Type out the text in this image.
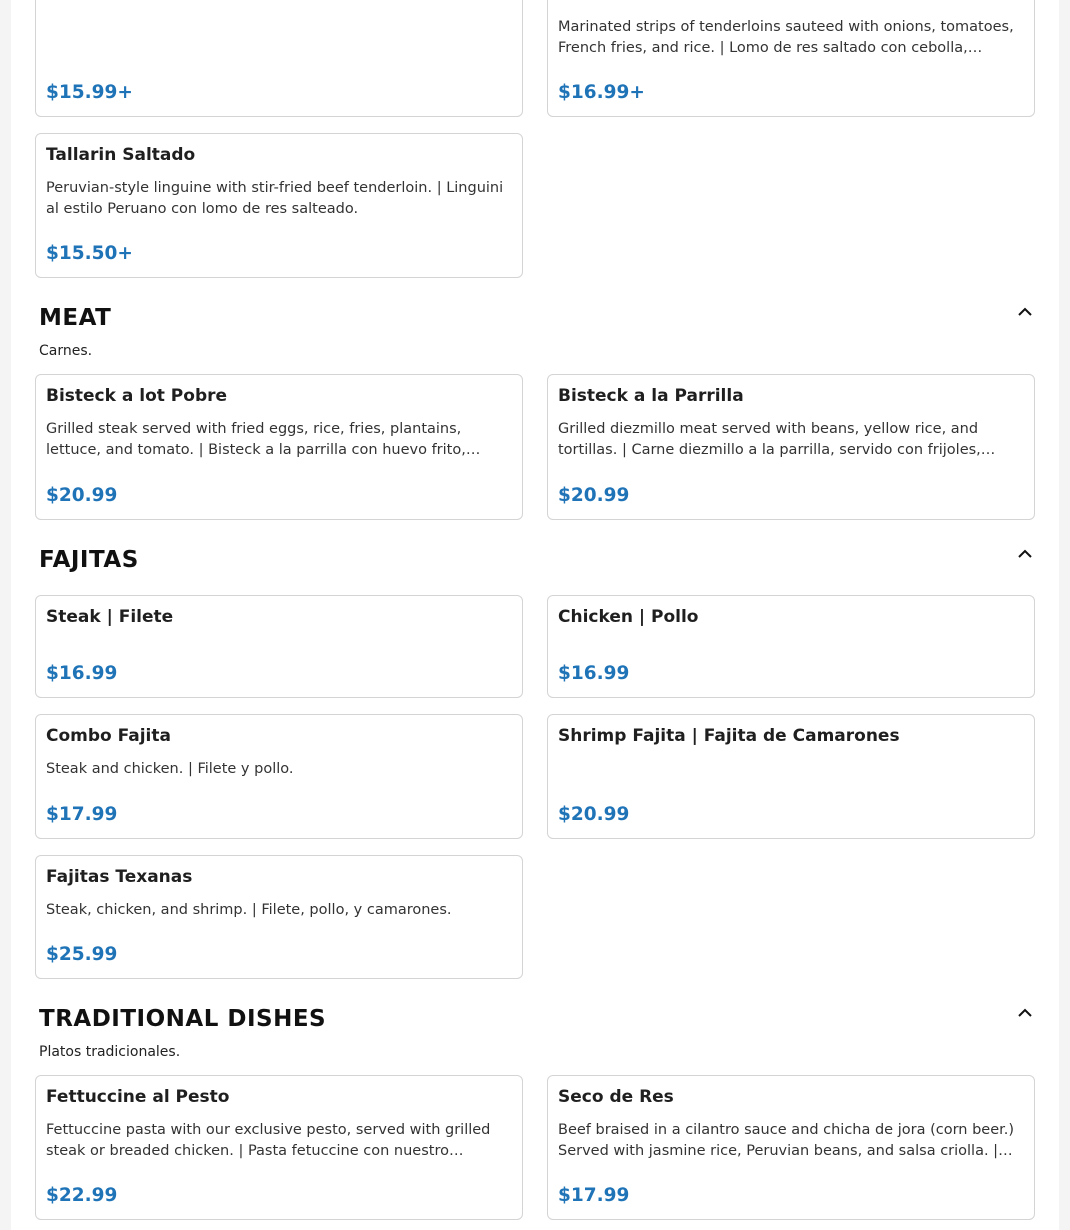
$15.99+
Marinated strips of tenderloins sauteed with onions, tomatoes, French fries, and rice. | Lomo de res saltado con cebolla,
$16.99+
Tallarin Saltado
Peruvian-style linguine with stir-fried beef tenderloin. | Linguini al estilo Peruano con lomo de res salteado.
$15.50+
MEAT
Carnes.
Bisteck a lot Pobre
Grilled steak served with fried eggs, rice, fries, plantains, lettuce, and tomato. | Bisteck a la parrilla con huevo frito,
$20.99
Bisteck a la Parrilla
Grilled diezmillo meat served with beans, yellow rice, and tortillas. | Carne diezmillo a la parrilla, servido con frijoles,
$20.99
FAJITAS
Steak | Filete
$16.99
Chicken | Pollo
$16.99
Combo Fajita
Steak and chicken. | Filete y pollo.
$17.99
Shrimp Fajita | Fajita de Camarones
$20.99
Fajitas Texanas
Steak, chicken, and shrimp. | Filete, pollo, y camarones.
$25.99
TRADITIONAL DISHES
Platos tradicionales.
Fettuccine al Pesto
Fettuccine pasta with our exclusive pesto, served with grilled steak or breaded chicken. | Pasta fetuccine con nuestro
$22.99
Seco de Res
Beef braised in a cilantro sauce and chicha de jora (corn beer.) Served with jasmine rice, Peruvian beans, and salsa criolla. |
$17.99
